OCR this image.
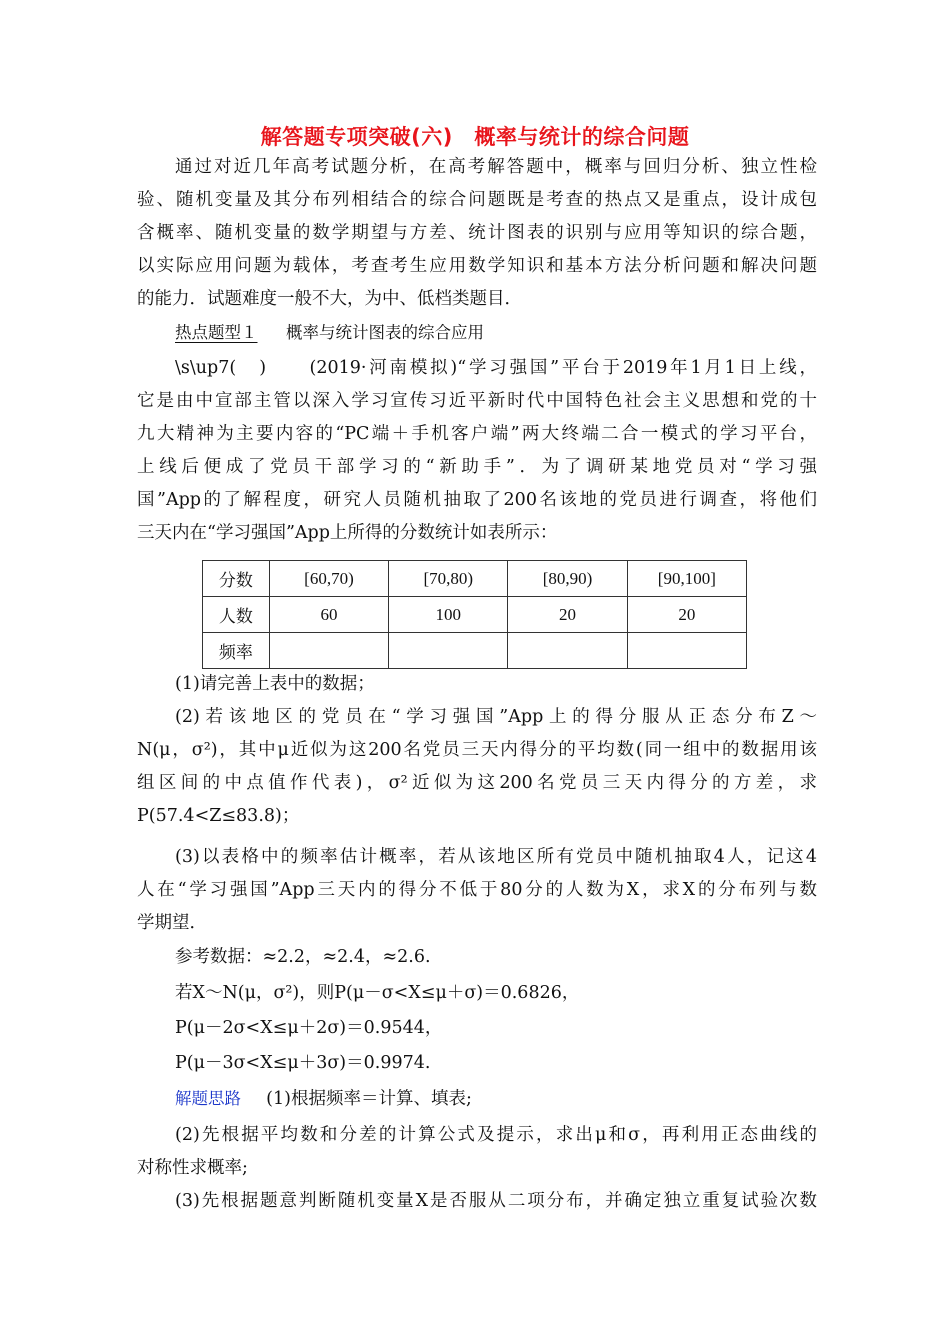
解答题专项突破(六)　概率与统计的综合问题
通过对近几年高考试题分析，在高考解答题中，概率与回归分析、独立性检
验、随机变量及其分布列相结合的综合问题既是考查的热点又是重点，设计成包
含概率、随机变量的数学期望与方差、统计图表的识别与应用等知识的综合题，
以实际应用问题为载体，考查考生应用数学知识和基本方法分析问题和解决问题
的能力．试题难度一般不大，为中、低档类题目．
热点题型１ 概率与统计图表的综合应用
\s\up7(　)　　(2019·河南模拟)“学习强国”平台于2019年1月1日上线，
它是由中宣部主管以深入学习宣传习近平新时代中国特色社会主义思想和党的十
九大精神为主要内容的“PC端＋手机客户端”两大终端二合一模式的学习平台，
上线后便成了党员干部学习的“新助手”．为了调研某地党员对“学习强
国”App的了解程度，研究人员随机抽取了200名该地的党员进行调查，将他们
三天内在“学习强国”App上所得的分数统计如表所示：
分数	[60,70)	[70,80)	[80,90)	[90,100]
人数	60	100	20	20
频率				
(1)请完善上表中的数据；
(2)若该地区的党员在“学习强国”App上的得分服从正态分布Z～
N(μ，σ²)，其中μ近似为这200名党员三天内得分的平均数(同一组中的数据用该
组区间的中点值作代表)，σ²近似为这200名党员三天内得分的方差，求
P(57.4<Z≤83.8)；
(3)以表格中的频率估计概率，若从该地区所有党员中随机抽取4人，记这4
人在“学习强国”App三天内的得分不低于80分的人数为X，求X的分布列与数
学期望．
参考数据：≈2.2，≈2.4，≈2.6.
若X～N(μ，σ²)，则P(μ－σ<X≤μ＋σ)＝0.6826，
P(μ－2σ<X≤μ＋2σ)＝0.9544，
P(μ－3σ<X≤μ＋3σ)＝0.9974.
解题思路 (1)根据频率＝计算、填表;
(2)先根据平均数和分差的计算公式及提示，求出μ和σ，再利用正态曲线的
对称性求概率;
(3)先根据题意判断随机变量X是否服从二项分布，并确定独立重复试验次数
